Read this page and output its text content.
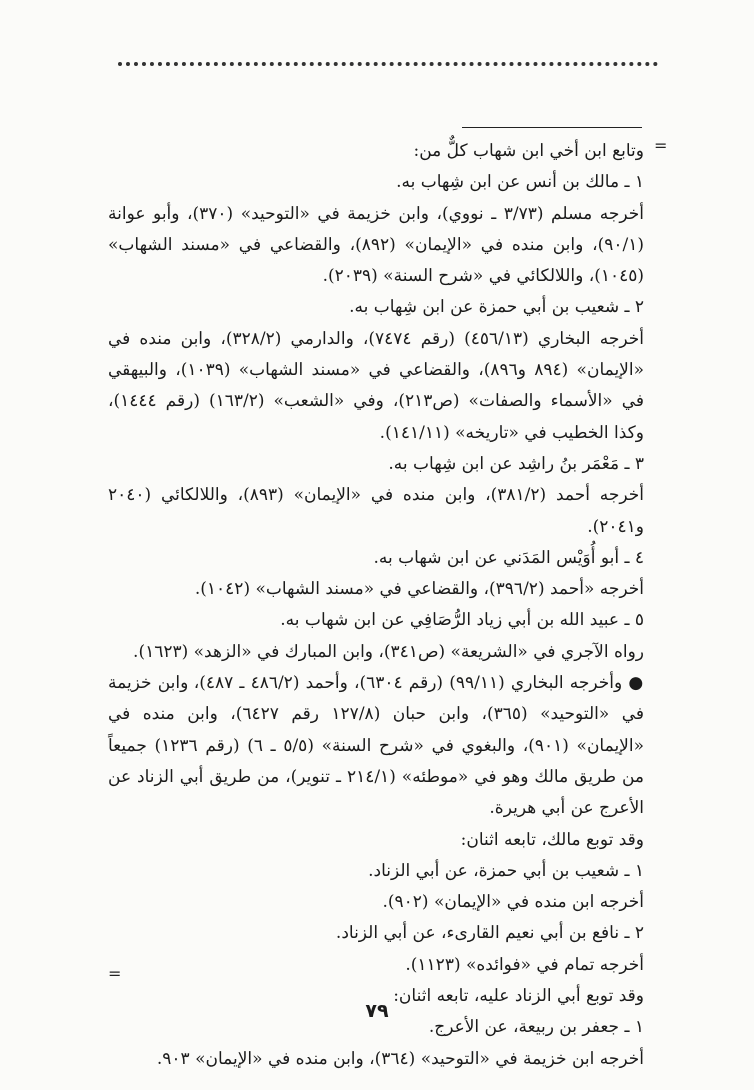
=

وتابع ابن أخي ابن شهاب كلٌّ من:

١ ـ مالك بن أنس عن ابن شِهاب به.

أخرجه مسلم (٣/٧٣ ـ نووي)، وابن خزيمة في «التوحيد» (٣٧٠)، وأبو عوانة (٩٠/١)، وابن منده في «الإيمان» (٨٩٢)، والقضاعي في «مسند الشهاب» (١٠٤٥)، واللالكائي في «شرح السنة» (٢٠٣٩).

٢ ـ شعيب بن أبي حمزة عن ابن شِهاب به.

أخرجه البخاري (٤٥٦/١٣) (رقم ٧٤٧٤)، والدارمي (٣٢٨/٢)، وابن منده في «الإيمان» (٨٩٤ و٨٩٦)، والقضاعي في «مسند الشهاب» (١٠٣٩)، والبيهقي في «الأسماء والصفات» (ص٢١٣)، وفي «الشعب» (١٦٣/٢) (رقم ١٤٤٤)، وكذا الخطيب في «تاريخه» (١٤١/١١).

٣ ـ مَعْمَر بنُ راشِد عن ابن شِهاب به.

أخرجه أحمد (٣٨١/٢)، وابن منده في «الإيمان» (٨٩٣)، واللالكائي (٢٠٤٠ و٢٠٤١).

٤ ـ أبو أُوَيْس المَدَني عن ابن شهاب به.

أخرجه «أحمد (٣٩٦/٢)، والقضاعي في «مسند الشهاب» (١٠٤٢).

٥ ـ عبيد الله بن أبي زياد الرُّصَافِي عن ابن شهاب به.

رواه الآجري في «الشريعة» (ص٣٤١)، وابن المبارك في «الزهد» (١٦٢٣).

● وأخرجه البخاري (٩٩/١١) (رقم ٦٣٠٤)، وأحمد (٤٨٦/٢ ـ ٤٨٧)، وابن خزيمة في «التوحيد» (٣٦٥)، وابن حبان (١٢٧/٨ رقم ٦٤٢٧)، وابن منده في «الإيمان» (٩٠١)، والبغوي في «شرح السنة» (٥/٥ ـ ٦) (رقم ١٢٣٦) جميعاً من طريق مالك وهو في «موطئه» (٢١٤/١ ـ تنوير)، من طريق أبي الزناد عن الأعرج عن أبي هريرة.

وقد توبع مالك، تابعه اثنان:

١ ـ شعيب بن أبي حمزة، عن أبي الزناد.

أخرجه ابن منده في «الإيمان» (٩٠٢).

٢ ـ نافع بن أبي نعيم القارىء، عن أبي الزناد.

أخرجه تمام في «فوائده» (١١٢٣).

وقد توبع أبي الزناد عليه، تابعه اثنان:

١ ـ جعفر بن ربيعة، عن الأعرج.

أخرجه ابن خزيمة في «التوحيد» (٣٦٤)، وابن منده في «الإيمان» ٩٠٣.

=
٧٩
